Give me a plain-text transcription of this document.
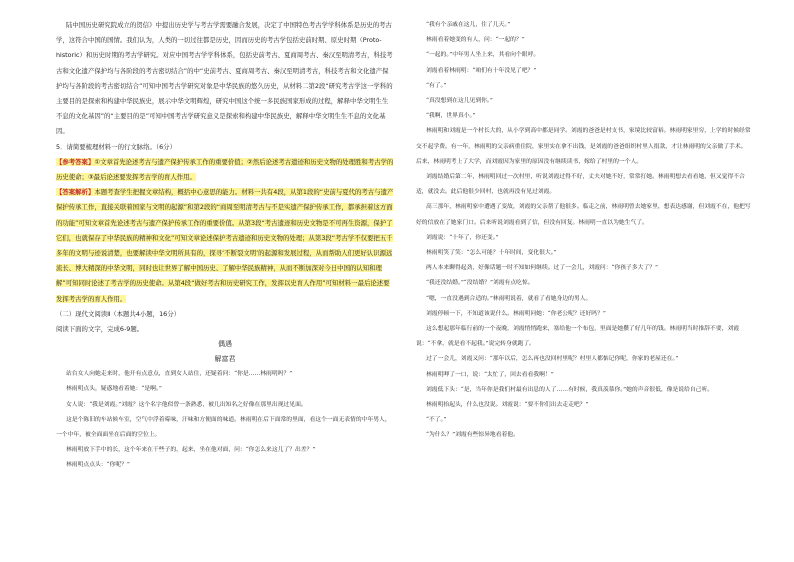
陆中国历史研究院成立的贺信》中提出历史学与考古学需要融合发展，决定了中国特色考古学学科体系是历史的考古学，这符合中国的国情。我们认为，人类的一切过往都是历史，因而历史的考古学包括史前时期、原史时期（Proto-historic）和历史时期的考古学研究。对应中国考古学学科体系，包括史前考古、夏商周考古、秦汉至明清考古，科技考古和文化遗产保护均与各阶段的考古密切结合”的中“史前考古、夏商周考古、秦汉至明清考古，科技考古和文化遗产保护均与各阶段的考古密切结合”可知中国考古学研究对象是中华民族的悠久历史，从材料二第2段“研究考古学这一学科的主要目的是探索和构建中华民族史，展示中华文明辉煌，研究中国这个统一多民族国家形成的过程，解释中华文明生生不息的文化基因”的“主要目的是”可知中国考古学研究意义是探索和构建中华民族史，解释中华文明生生不息的文化基因。

5．请简要梳理材料一的行文脉络。（6分）

【参考答案】①文章首先论述考古与遗产保护传承工作的重要价值；②然后论述考古遗迹和历史文物的处理胜和考古学的历史使命；③最后论述要发挥考古学的育人作用。

【答案解析】本题考查学生把握文章结构，概括中心意思的能力。材料一共有4段，从第1段的“史前与夏代的考古与遗产保护传承工作，直接关联着国家与文明的起源”和第2段的“商周至明清考古与不是实遗产保护传承工作，都承担着这方面的功能”可知文章首先论述考古与遗产保护传承工作的重要价值。从第3段“考古遗迹和历史文物是不可再生资源，保护了它们，也就保存了中华民族的精神和文化”可知文章论述保护考古遗迹和历史文物的处理；从第3段“考古学不仅要把五千多年的文明与迹说清楚，也要解读中华文明所具有的，探寻‘不断裂文明’的起源和发展过程，从而帮助人们更好认识源远流长、博大精深的中华文明，同时也让世界了解中国历史、了解中华民族精神，从而不断加深对今日中国的认知和理解”可知同时论述了考古学的历史使命。从第4段“做好考古和历史研究工作，发挥以史育人作用”可知材料一最后论述要发挥考古学的育人作用。

（二）现代文阅读Ⅱ（本题共4小题，16分）

阅读下面的文字，完成6-9题。

偶遇

解富君

站台女人向她走来时，他开有点意点，直到女人站住，还疑着问：“你是……林雨明吗？”

林雨明点头，疑惑地看着她：“是啊。”

女人说：“我是刘霞。”刘霞？这个名字他似曾一条熟悉，被几出知名之好像在那里出现过见面。

这是个陈旧的车站候车室，空气中浮着霉味，汗味和方便面的味道。林雨明在后下面常的里面，看这个一面无表情的中年男人，一个中年，被全面面坐在后面的空位上。

林雨明放下手中的长，这个年来在干些子的，起来，坐在他对面，问：“你怎么来这儿了？出差？”

林雨明点点头：“你呢？”

“我有个亲戚在这儿，住了几天。”

林雨看着她变的有人，问：“一起的？”

“一起的。”中年男人坐上来，其看向个眼呼。

刘霞看着林雨明：“咱们有十年没见了吧？”

“有了。”

“真没想到在这儿见到你。”

“我啊，世界真小。”

林雨明和刘霞是一个村长大的，从小学到高中都是同学。刘霞的爸爸是村支书，家境比较富裕。林雨明家里穷，上学的时候经常交不起学费。有一年，林雨明的父亲病重住院，家里实在拿不出钱，是刘霞的爸爸组织村里人捐款，才让林雨明的父亲做了手术。后来，林雨明考上了大学，而刘霞因为家里的原因没有继续读书，嫁给了村里的一个人。

刘霞结婚后第二年，林雨明回过一次村里，听说刘霞过得不好，丈夫对她不好，常常打她。林雨明想去看看她，但又觉得不合适，就没去。此后他很少回村，也就再没有见过刘霞。

高三那年，林雨明家中遭遇了变故，刘霞的父亲帮了他很多。临走之前，林雨明曾去她家里，想表达感谢，但刘霞不在，他把写好的信放在了她家门口。后来听说刘霞看到了信，但没有回复。林雨明一直以为她生气了。

刘霞说：“十年了，你还变。”

林雨明笑了笑：“怎么可能？十年时间，变化很大。”

两人本来聊得起劲，好像话题一时不知如何继续。过了一会儿，刘霞问：“你孩子多大了？”

“我还没结婚。”“没结婚？”刘霞有点吃惊。

“嗯，一直没遇到合适的。”林雨明说着，就看了看她身边的男人。

刘霞停顿一下，不知道该说什么。林雨明问她：“你老公呢？还好吗？”

这么想起那年临行前的一个夜晚，刘霞悄悄跑来，塞给他一个布包，里面是她攒了好几年的钱。林雨明当时推辞不要，刘霞说：“不拿，就是看不起我。”说完转身就跑了。

过了一会儿，刘霞又问：“那年以后，怎么再也没回村里呢？村里人都惦记你呢，你家的老屋还在。”

林雨明呷了一口，说：“太忙了，回去看看我啊！”

刘霞低下头：“是，当年你是我们村最有出息的人了……有时候，我真羡慕你。”她的声音很低，像是说给自己听。

林雨明抬起头，什么也没说。刘霞说：“要不你们出去走走吧？”

“不了。”

“为什么？”刘霞有些惊异地看着他。
